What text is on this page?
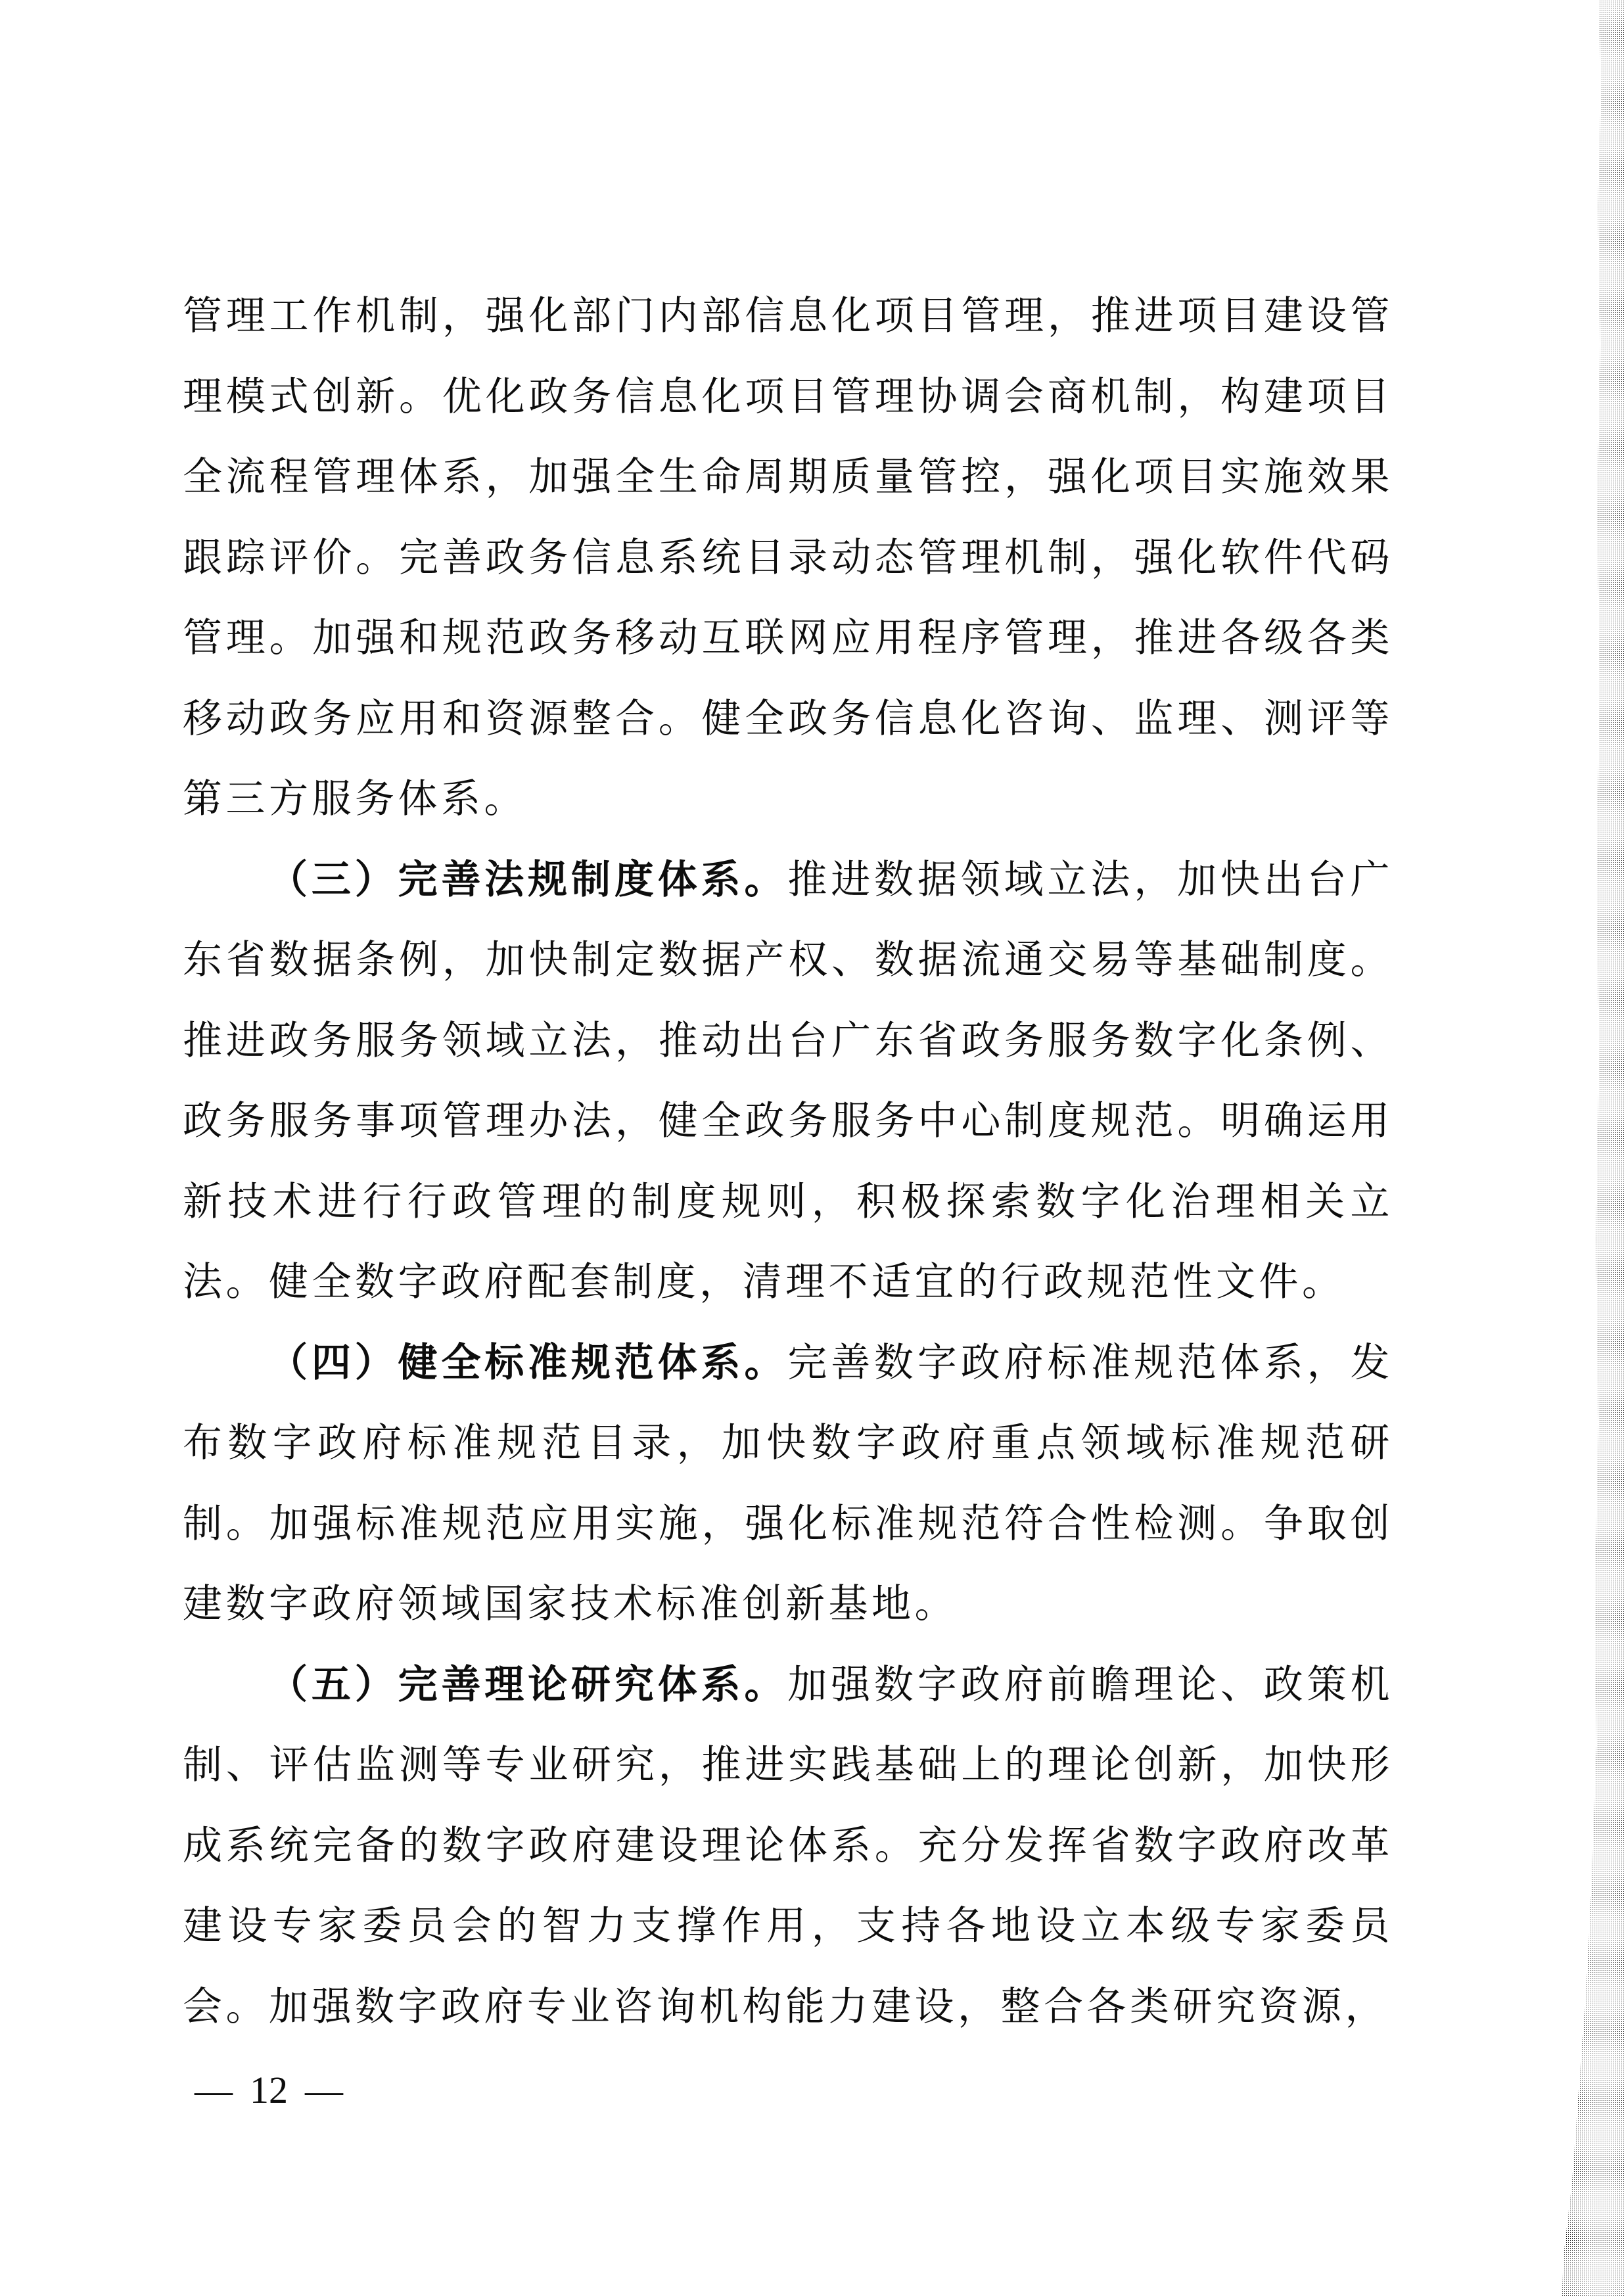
管理工作机制，强化部门内部信息化项目管理，推进项目建设管理模式创新。优化政务信息化项目管理协调会商机制，构建项目全流程管理体系，加强全生命周期质量管控，强化项目实施效果跟踪评价。完善政务信息系统目录动态管理机制，强化软件代码管理。加强和规范政务移动互联网应用程序管理，推进各级各类移动政务应用和资源整合。健全政务信息化咨询、监理、测评等第三方服务体系。

（三）完善法规制度体系。推进数据领域立法，加快出台广东省数据条例，加快制定数据产权、数据流通交易等基础制度。推进政务服务领域立法，推动出台广东省政务服务数字化条例、政务服务事项管理办法，健全政务服务中心制度规范。明确运用新技术进行行政管理的制度规则，积极探索数字化治理相关立法。健全数字政府配套制度，清理不适宜的行政规范性文件。

（四）健全标准规范体系。完善数字政府标准规范体系，发布数字政府标准规范目录，加快数字政府重点领域标准规范研制。加强标准规范应用实施，强化标准规范符合性检测。争取创建数字政府领域国家技术标准创新基地。

（五）完善理论研究体系。加强数字政府前瞻理论、政策机制、评估监测等专业研究，推进实践基础上的理论创新，加快形成系统完备的数字政府建设理论体系。充分发挥省数字政府改革建设专家委员会的智力支撑作用，支持各地设立本级专家委员会。加强数字政府专业咨询机构能力建设，整合各类研究资源，

— 12 —
